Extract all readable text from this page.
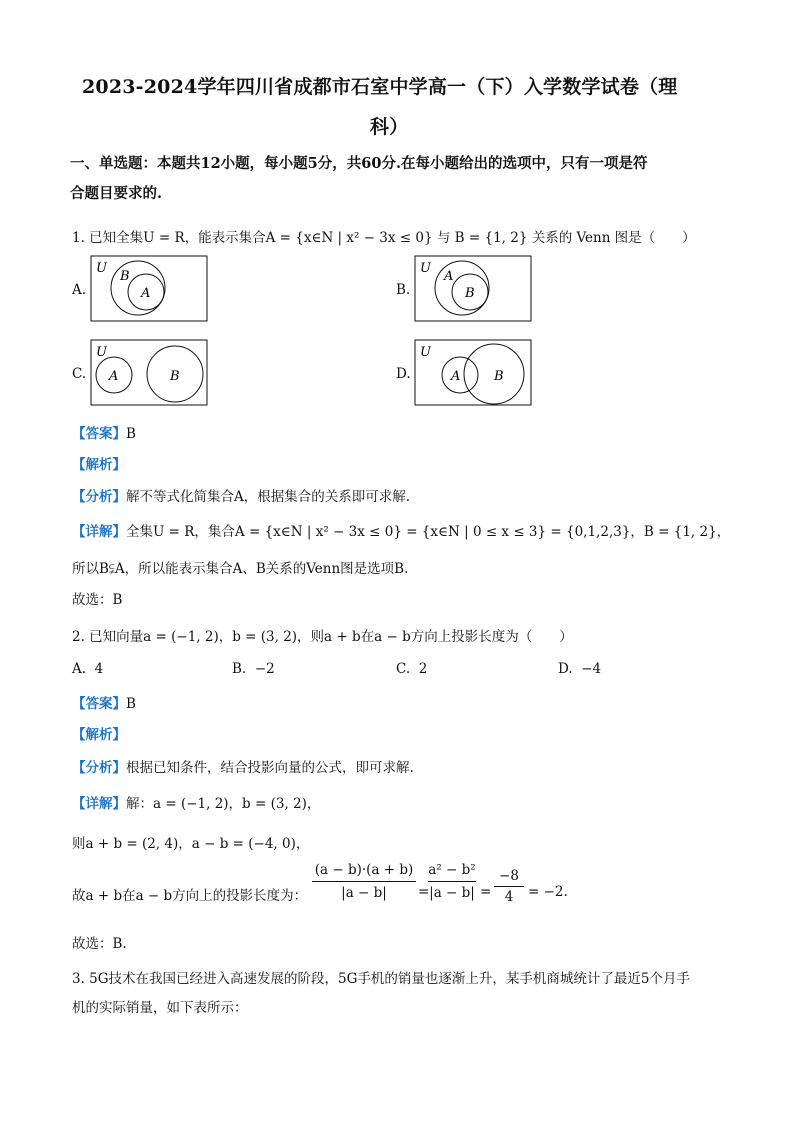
2023-2024学年四川省成都市石室中学高一（下）入学数学试卷（理
科）
一、单选题：本题共12小题，每小题5分，共60分.在每小题给出的选项中，只有一项是符
合题目要求的.
1. 已知全集U = R，能表示集合A = {x∈N | x² − 3x ≤ 0} 与 B = {1, 2} 关系的 Venn 图是（　　）
A.
U
B
A	B.
U
A
B
C.
U
A	B	D.
U
A	B
【答案】B
【解析】
【分析】解不等式化简集合A，根据集合的关系即可求解.
【详解】全集U = R，集合A = {x∈N | x² − 3x ≤ 0} = {x∈N | 0 ≤ x ≤ 3} = {0,1,2,3}，B = {1, 2}，
所以B⫋A，所以能表示集合A、B关系的Venn图是选项B.
故选：B
2. 已知向量a = (−1, 2)，b = (3, 2)，则a + b在a − b方向上投影长度为（　　）
A. 4	B. −2	C. 2	D. −4
【答案】B
【解析】
【分析】根据已知条件，结合投影向量的公式，即可求解.
【详解】解：a = (−1, 2)，b = (3, 2)，
则a + b = (2, 4)，a − b = (−4, 0)，
故a + b在a − b方向上的投影长度为： $\frac{(a - b)\cdot(a + b)}{|a - b|}$ =
$\frac{\text{a² − b²}}{|a - b|} = \frac{-8}{4} = -2$.
故选：B.
3. 5G技术在我国已经进入高速发展的阶段，5G手机的销量也逐渐上升，某手机商城统计了最近5个月手
机的实际销量，如下表所示：
